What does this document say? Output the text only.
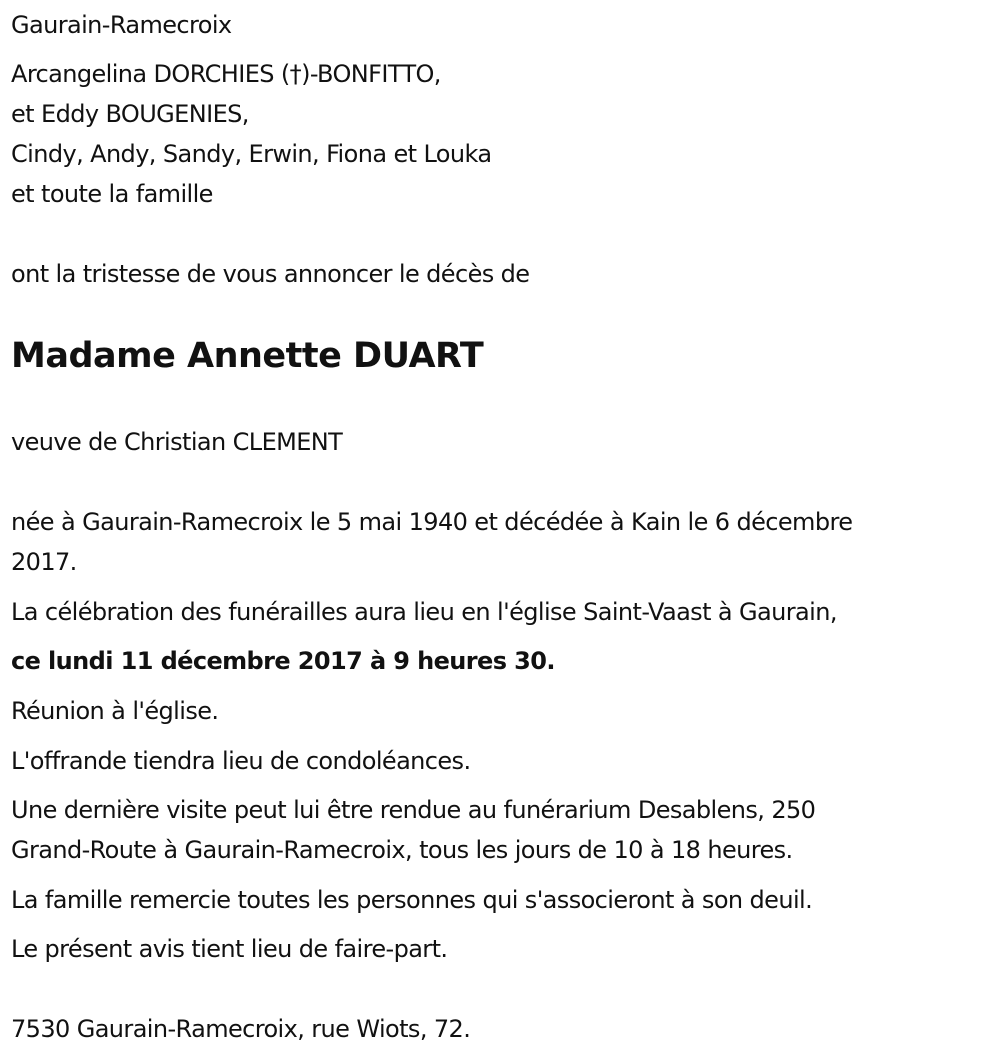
Gaurain-Ramecroix
Arcangelina DORCHIES (†)-BONFITTO,
et Eddy BOUGENIES,
Cindy, Andy, Sandy, Erwin, Fiona et Louka
et toute la famille
ont la tristesse de vous annoncer le décès de
Madame Annette DUART
veuve de Christian CLEMENT
née à Gaurain-Ramecroix le 5 mai 1940 et décédée à Kain le 6 décembre
2017.
La célébration des funérailles aura lieu en l'église Saint-Vaast à Gaurain,
ce lundi 11 décembre 2017 à 9 heures 30.
Réunion à l'église.
L'offrande tiendra lieu de condoléances.
Une dernière visite peut lui être rendue au funérarium Desablens, 250
Grand-Route à Gaurain-Ramecroix, tous les jours de 10 à 18 heures.
La famille remercie toutes les personnes qui s'associeront à son deuil.
Le présent avis tient lieu de faire-part.
7530 Gaurain-Ramecroix, rue Wiots, 72.
